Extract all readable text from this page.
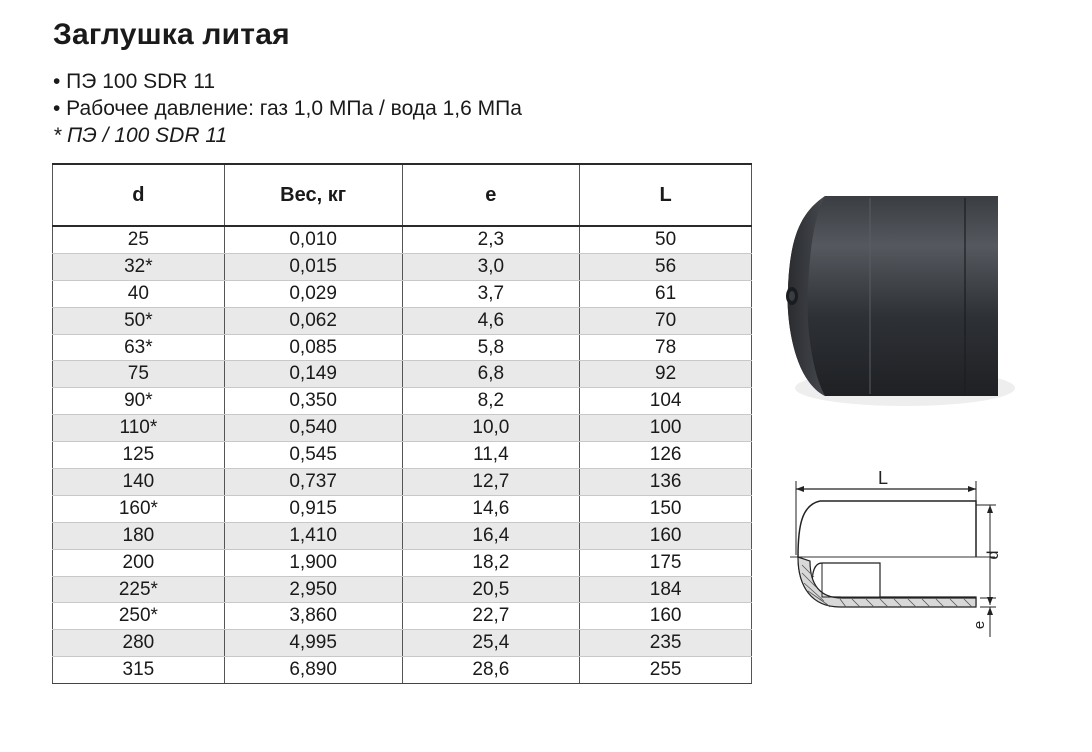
Заглушка литая
• ПЭ 100 SDR 11
• Рабочее давление: газ 1,0 МПа / вода 1,6 МПа
* ПЭ / 100 SDR 11
d	Вес, кг	e	L
25	0,010	2,3	50
32*	0,015	3,0	56
40	0,029	3,7	61
50*	0,062	4,6	70
63*	0,085	5,8	78
75	0,149	6,8	92
90*	0,350	8,2	104
110*	0,540	10,0	100
125	0,545	11,4	126
140	0,737	12,7	136
160*	0,915	14,6	150
180	1,410	16,4	160
200	1,900	18,2	175
225*	2,950	20,5	184
250*	3,860	22,7	160
280	4,995	25,4	235
315	6,890	28,6	255
L
d
e
